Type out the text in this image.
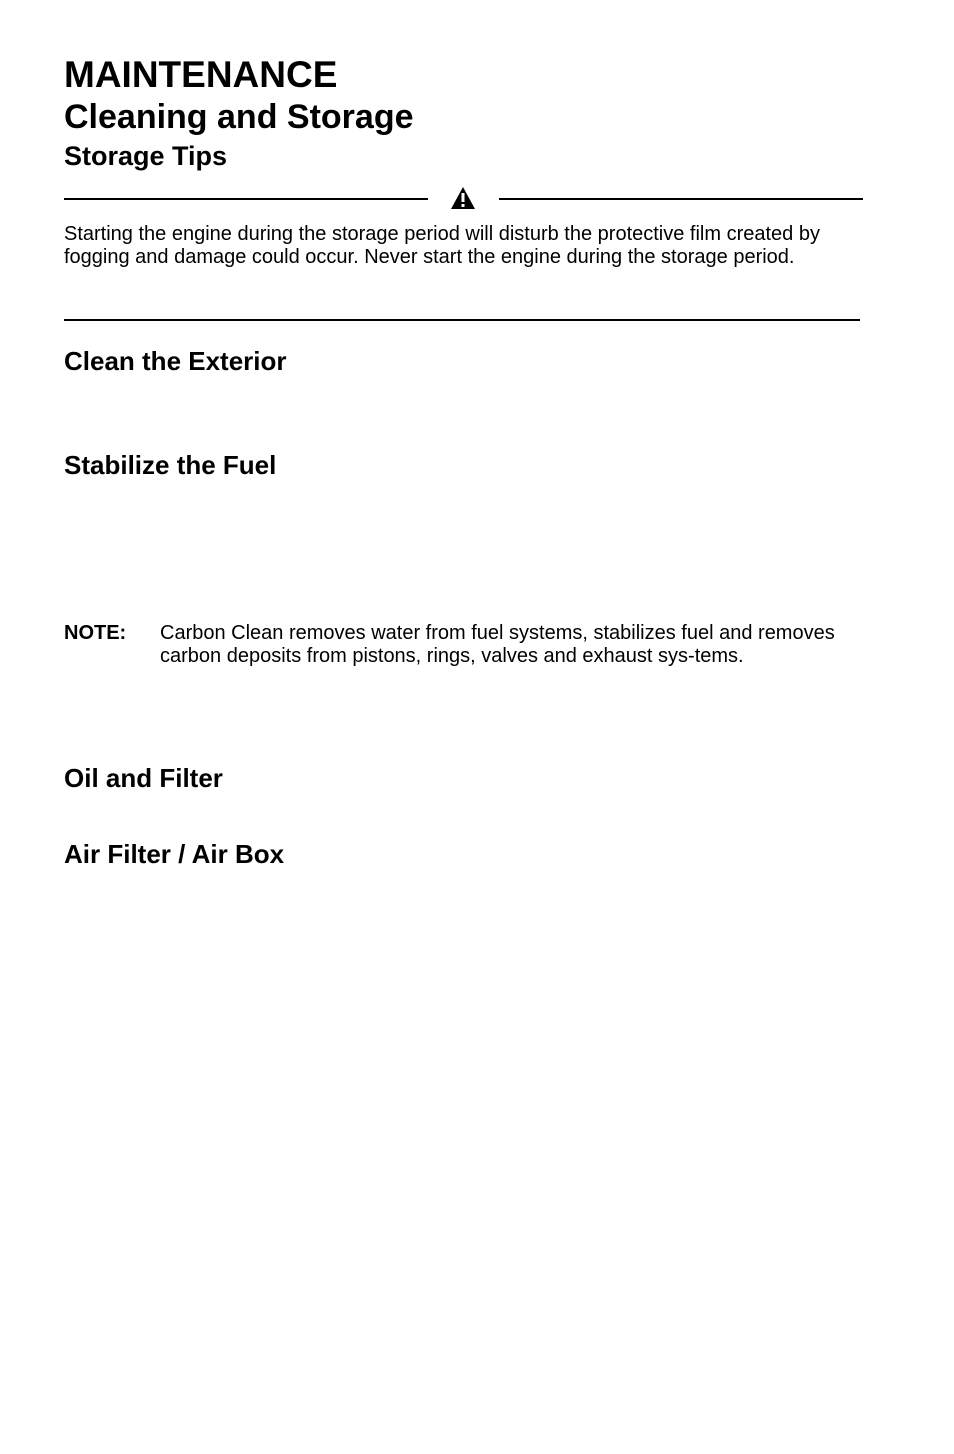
MAINTENANCE
Cleaning and Storage
Storage Tips

Starting the engine during the storage period will disturb the protective film created by fogging and damage could occur. Never start the engine during the storage period.

Clean the Exterior
Stabilize the Fuel
NOTE: Carbon Clean removes water from fuel systems, stabilizes fuel and removes carbon deposits from pistons, rings, valves and exhaust sys-tems.
Oil and Filter
Air Filter / Air Box
